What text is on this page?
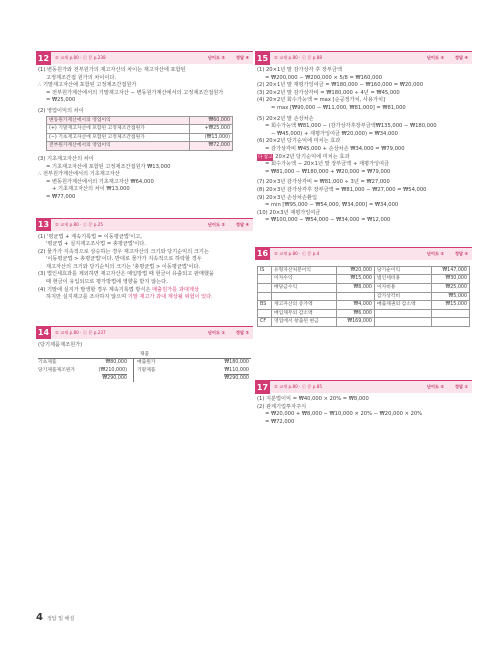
12	② 교재 p.80 · ⓒ 문 p.238	난이도 ②	정답 ④
(1) 변동원가와 전부원가의 재고자산의 차이는 재고자산에 포함된
고정제조간접 원가의 차이이다.
∴ 기말재고자산에 포함된 고정제조간접원가
= 전부원가계산에서의 기말재고자산 − 변동원가계산에서의 고정제조간접원가
= ₩25,000
(2) 영업이익의 차이
변동원가계산에서의 영업이익	₩60,000
(+) 기말재고자산에 포함된 고정제조간접원가	+₩25,000
(−) 기초재고자산에 포함된 고정제조간접원가	(₩13,000)
전부원가계산에서의 영업이익	₩72,000
(3) 기초재고자산의 차이
= 기초재고자산에 포함된 고정제조간접원가 ₩13,000
∴ 전부원가계산에서의 기초재고자산
= 변동원가계산에서의 기초재고자산 ₩64,000
+ 기초재고자산의 차이 ₩13,000
= ₩77,000
13	② 교재 p.80 · ⓒ 문 p.25	난이도 ②	정답 ④
(1) '평균법 + 계속기록법 = 이동평균법'이고,
'평균법 + 실지재고조사법 = 총평균법'이다.
(2) 물가가 지속적으로 상승하는 경우 재고자산의 크기와 당기순익의 크기는
'이동평균법 > 총평균법'이다. 반대로 물가가 지속적으로 하락할 경우
재고자산의 크기와 당기순익의 크기는 '총평균법 > 이동평균법'이다.
(3) 법인세효과를 제외하면 재고자산은 매입방법 때 현금이 유출되고 판매했을
때 현금이 유입되므로 평가방법에 영향을 받지 않는다.
(4) 기말에 실지가 발생할 경우 계속기록법 방식은 매출원가를 과대계상
하지만 실지재고를 조사하지 않으며 기말 재고가 과대 계상될 위험이 있다.
14	② 교재 p.80 · ⓒ 문 p.237	난이도 ①	정답 ②
(당기제품제조원가)
제품
기초제품	₩80,000 매출원가	₩180,000
당기제품제조원가	(₩210,000) 기말제품	₩110,000
₩290,000	₩290,000
15	② 교재 p.80 · ⓒ 문 p.88	난이도 ③	정답 ④
(1) 20×1년 말 감가상각 후 장부금액
= ₩200,000 − ₩200,000 × 5/8 = ₩160,000
(2) 20×1년 말 재평가잉여금 = ₩180,000 − ₩160,000 = ₩20,000
(3) 20×2년 말 감가상각비 = ₩180,000 ÷ 4년 = ₩45,000
(4) 20×2년 회수가능액 = max [순공정가치, 사용가치]
= max [₩90,000 − ₩11,000, ₩81,000] = ₩81,000
(5) 20×2년 말 손상차손
= 회수가능액 ₩81,000 − (감가상각후장부금액₩135,000 − ₩180,000
− ₩45,000) + 재평가잉여금 ₩20,000) = ₩34,000
(6) 20×2년 당기순익에 미치는 효과
= 감가상각비 ₩45,000 + 손상차손 ₩34,000 = ₩79,000
다 참고 20×2년 당기순익에 미치는 효과
= 회수가능액 − 20×1년 말 장부금액 + 재평가잉여금
= ₩81,000 − ₩180,000 + ₩20,000 = ₩79,000
(7) 20×3년 감가상각비 = ₩81,000 ÷ 3년 = ₩27,000
(8) 20×3년 감가상각후 장부금액 = ₩81,000 − ₩27,000 = ₩54,000
(9) 20×3년 손상차손환입
= min [₩95,000 − ₩54,000, ₩34,000] = ₩34,000
(10) 20×3년 재평가잉여금
= ₩100,000 − ₩54,000 − ₩34,000 = ₩12,000
16	② 교재 p.80 · ⓒ 문 p.4	난이도 ②	정답 ③
IS	유형자산처분이익	₩20,000	당기순이익	₩147,000
	이자수익	₩15,000	법인세비용	₩30,000
	배당금수익	₩8,000	이자비용	₩25,000
			감가상각비	₩5,000
BS	재고자산의 증가액	₩4,000	매출채권의 감소액	₩15,000
	매입채무의 감소액	₩6,000		
CF	영업에서 창출된 현금	₩169,000		
17	② 교재 p.80 · ⓒ 문 p.85	난이도 ②	정답 ①
(1) 지분법이익 = ₩40,000 × 20% = ₩8,000
(2) 관계기업투자주식
= ₩20,000 + ₩8,000 − ₩10,000 × 20% − ₩20,000 × 20%
= ₩72,000
4 정답 및 해설
